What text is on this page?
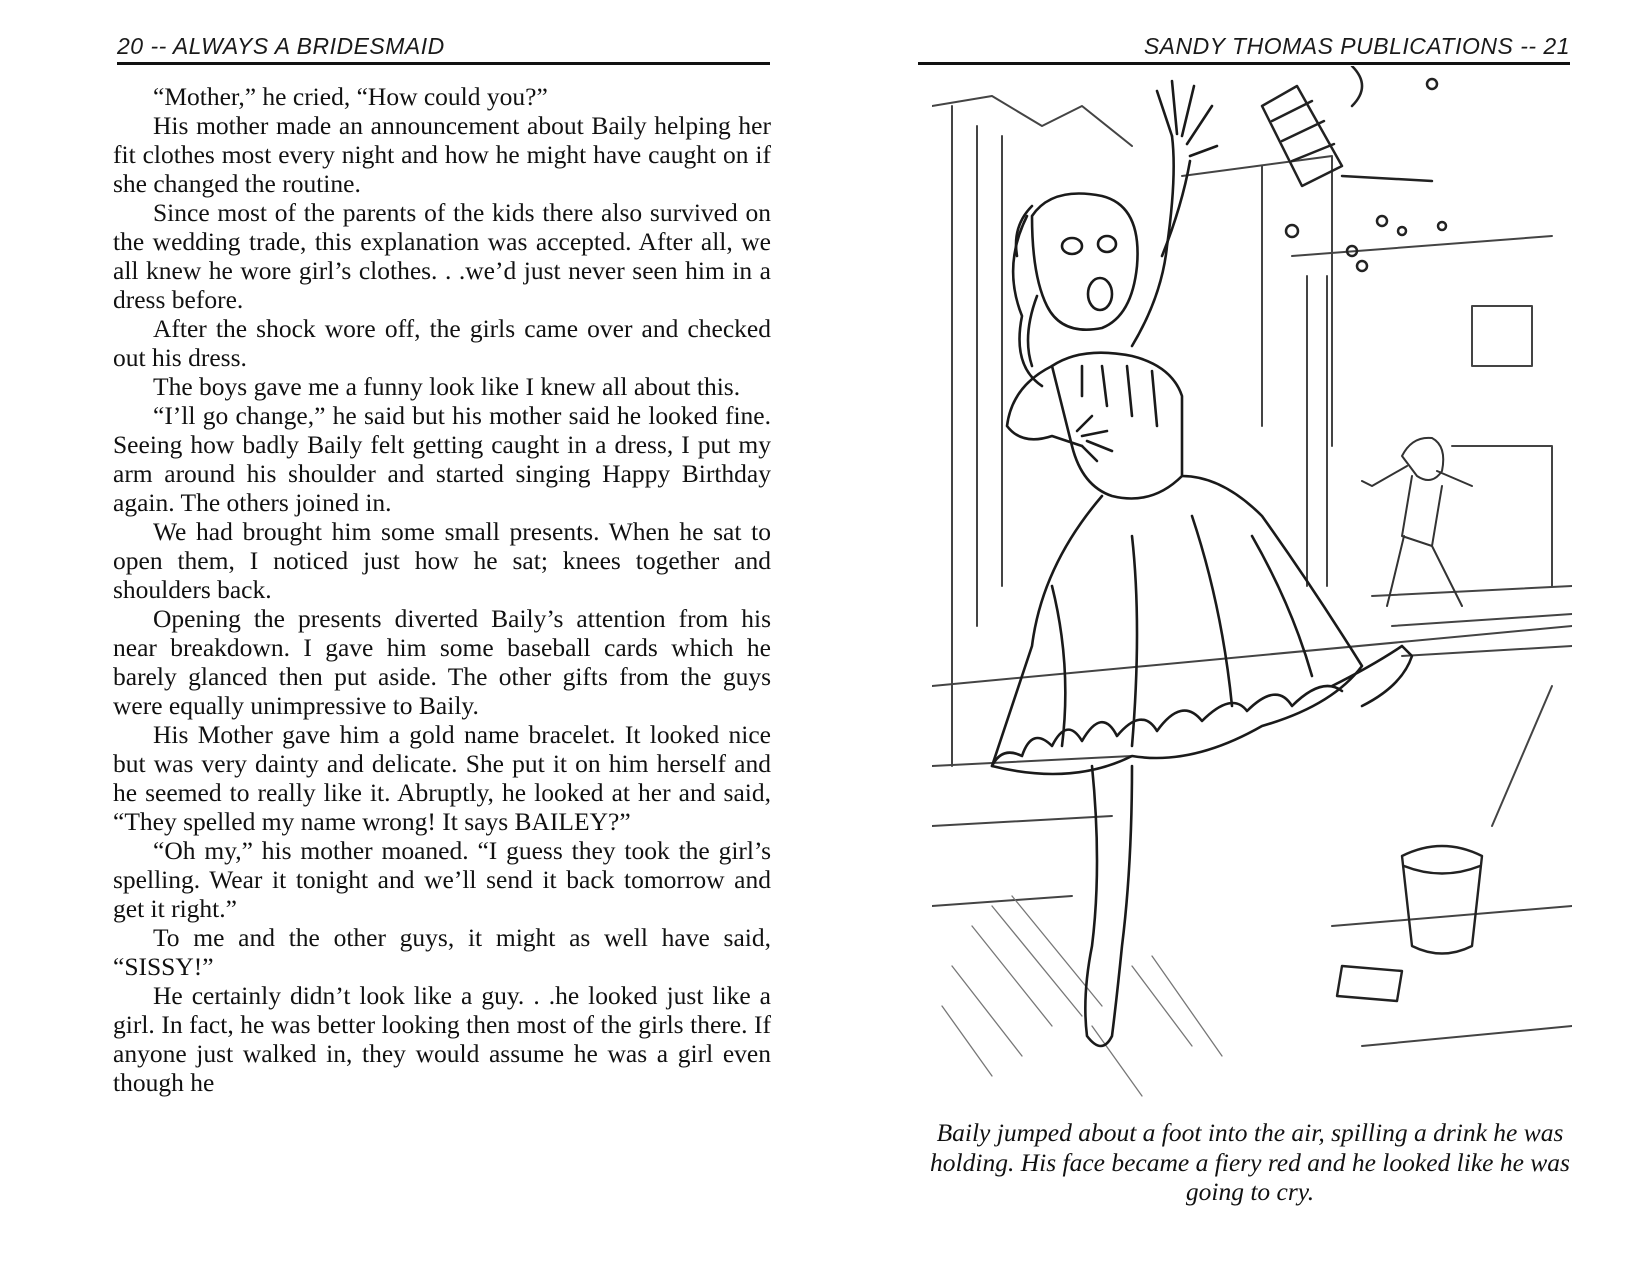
20 -- ALWAYS A BRIDESMAID

“Mother,” he cried, “How could you?”

His mother made an announcement about Baily helping her fit clothes most every night and how he might have caught on if she changed the routine.

Since most of the parents of the kids there also survived on the wedding trade, this explanation was accepted. After all, we all knew he wore girl’s clothes. . .we’d just never seen him in a dress before.

After the shock wore off, the girls came over and checked out his dress.

The boys gave me a funny look like I knew all about this.

“I’ll go change,” he said but his mother said he looked fine. Seeing how badly Baily felt getting caught in a dress, I put my arm around his shoulder and started singing Happy Birthday again. The others joined in.

We had brought him some small presents. When he sat to open them, I noticed just how he sat; knees together and shoulders back.

Opening the presents diverted Baily’s attention from his near breakdown. I gave him some baseball cards which he barely glanced then put aside. The other gifts from the guys were equally unimpressive to Baily.

His Mother gave him a gold name bracelet. It looked nice but was very dainty and delicate. She put it on him herself and he seemed to really like it. Abruptly, he looked at her and said, “They spelled my name wrong! It says BAILEY?”

“Oh my,” his mother moaned. “I guess they took the girl’s spelling. Wear it tonight and we’ll send it back tomorrow and get it right.”

To me and the other guys, it might as well have said, “SISSY!”

He certainly didn’t look like a guy. . .he looked just like a girl. In fact, he was better looking then most of the girls there. If anyone just walked in, they would assume he was a girl even though he

SANDY THOMAS PUBLICATIONS -- 21
Baily jumped about a foot into the air, spilling a drink he was holding. His face became a fiery red and he looked like he was going to cry.
